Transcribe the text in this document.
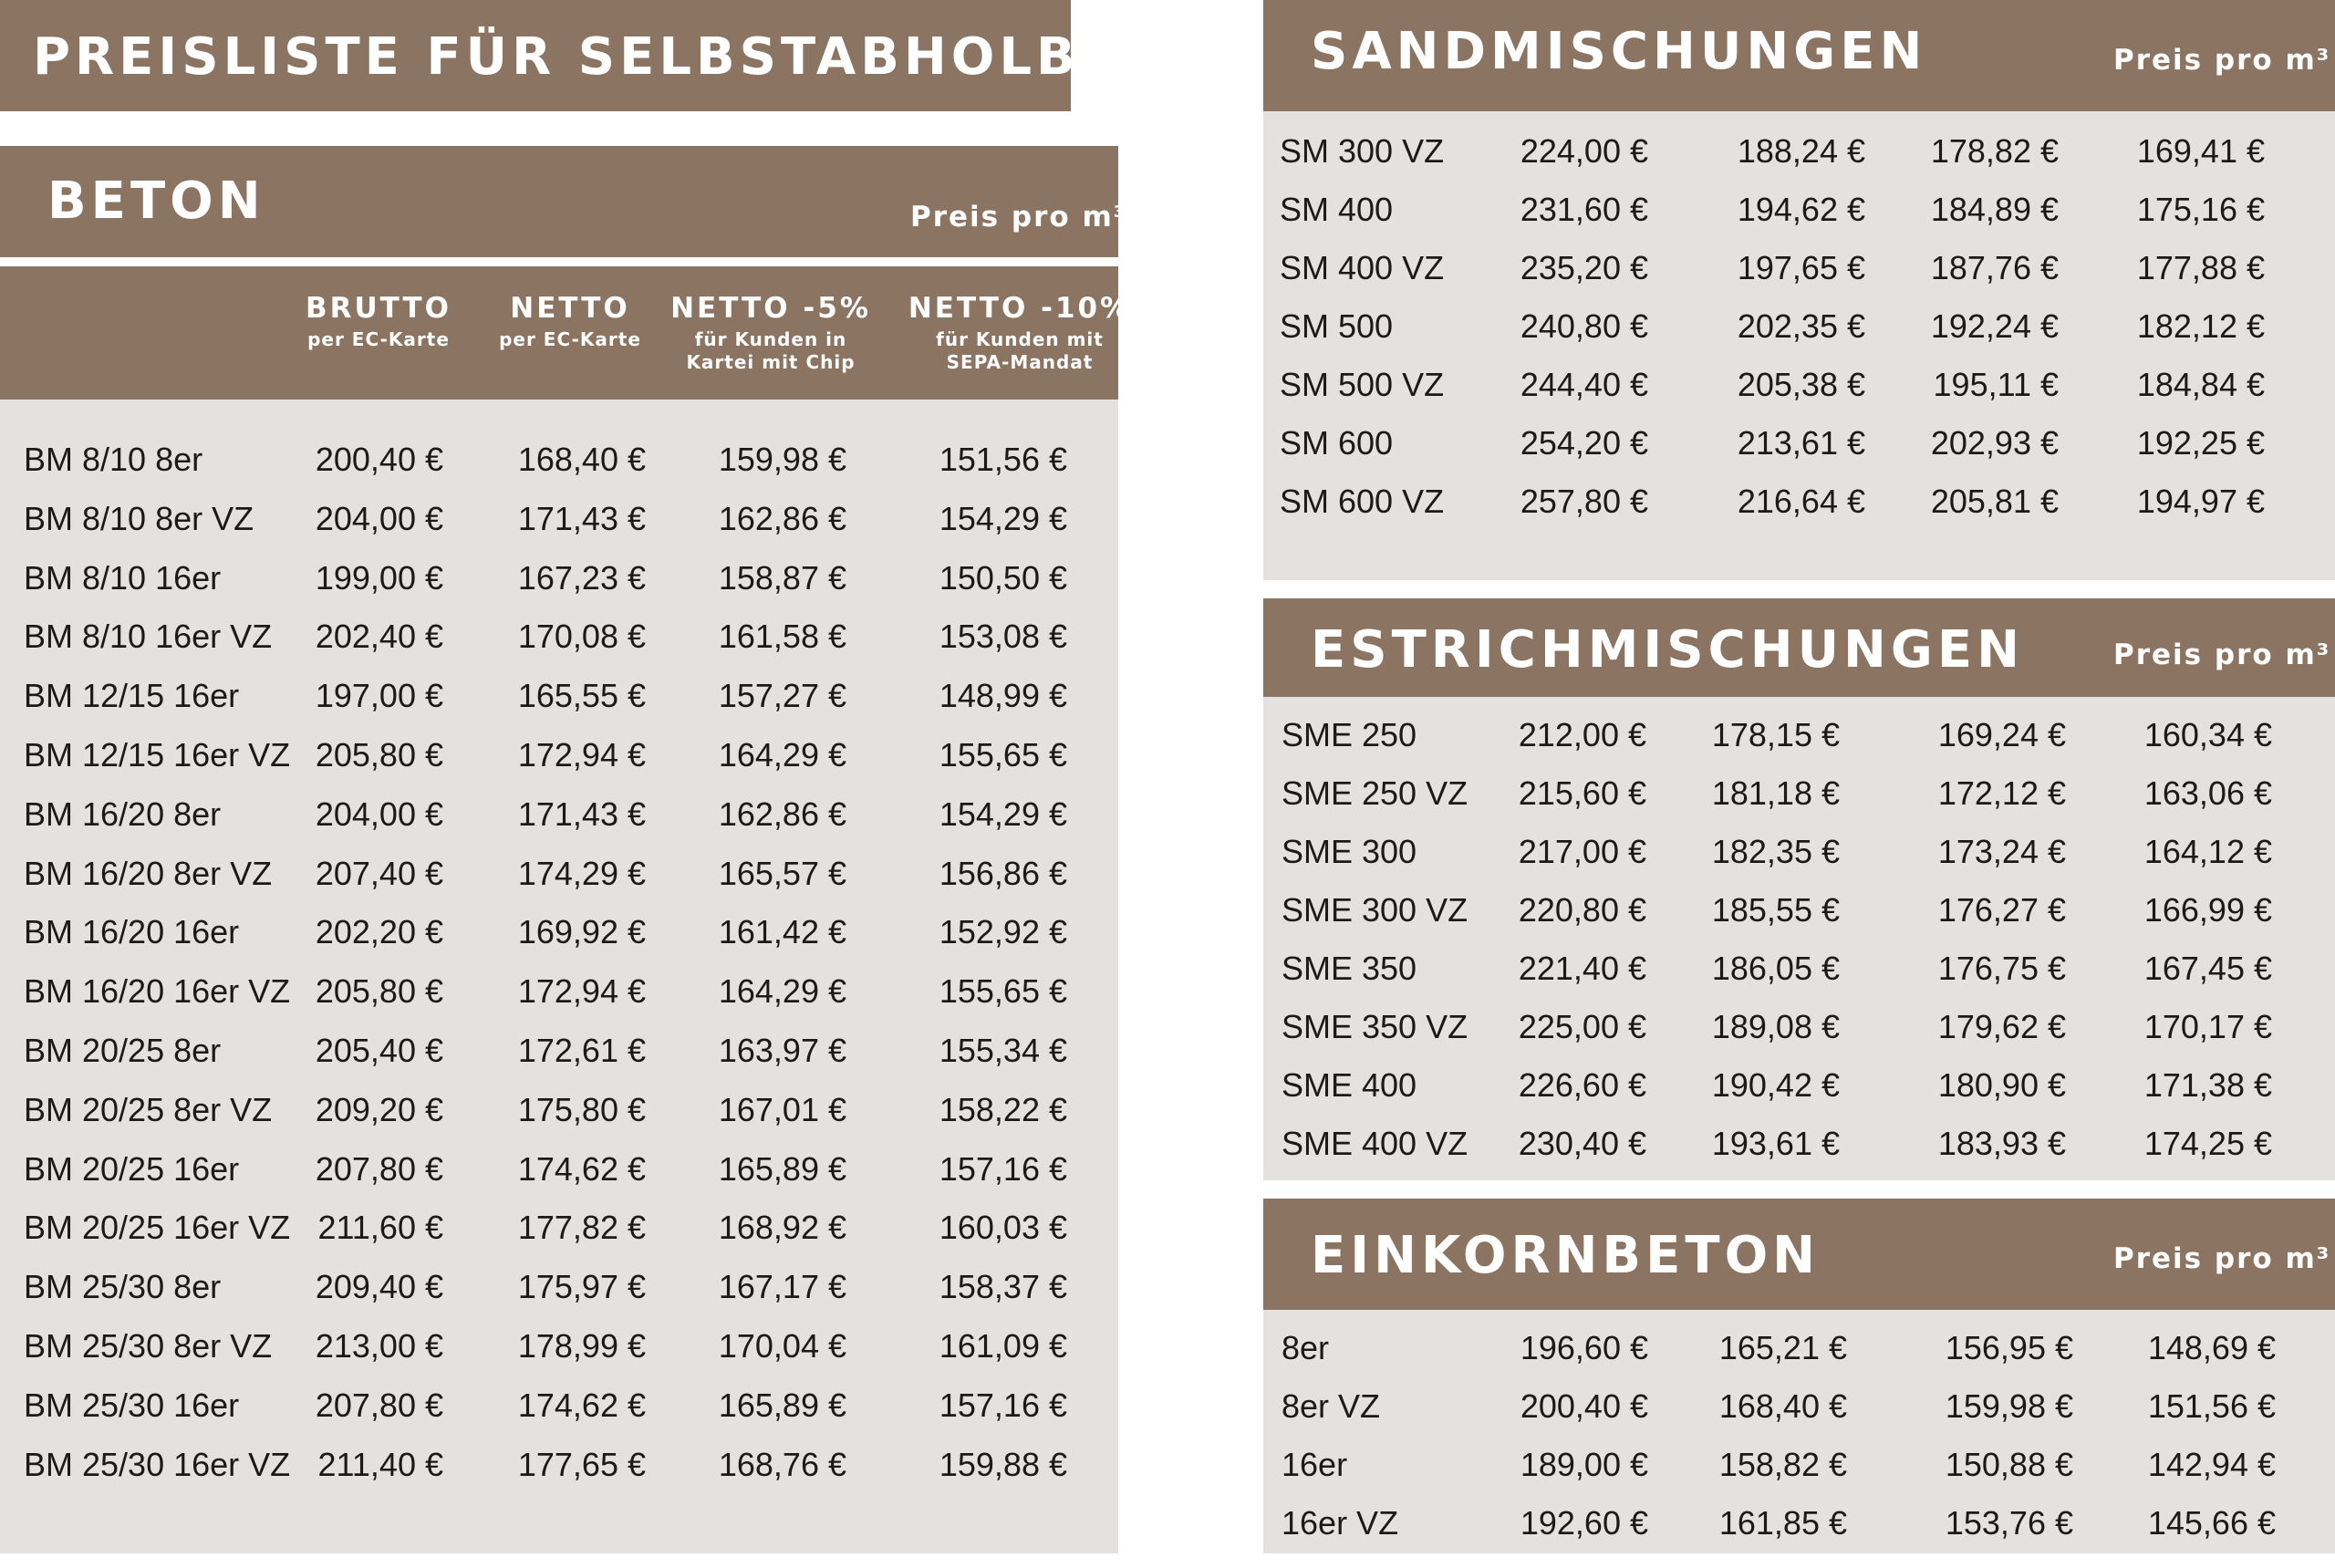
PREISLISTE FÜR SELBSTABHOLBER
BETON	Preis pro m³
BRUTTO
per EC-Karte
NETTO
per EC-Karte
NETTO -5%
für Kunden in
Kartei mit Chip
NETTO -10%
für Kunden mit
SEPA-Mandat
BM 8/10 8er	200,40 € 168,40 € 159,98 €	151,56 €
BM 8/10 8er VZ 204,00 € 171,43 € 162,86 €	154,29 €
BM 8/10 16er	199,00 € 167,23 € 158,87 €	150,50 €
BM 8/10 16er VZ 202,40 € 170,08 € 161,58 €	153,08 €
BM 12/15 16er 197,00 € 165,55 € 157,27 €	148,99 €
BM 12/15 16er VZ 205,80 € 172,94 € 164,29 €	155,65 €
BM 16/20 8er	204,00 € 171,43 € 162,86 €	154,29 €
BM 16/20 8er VZ 207,40 € 174,29 € 165,57 €	156,86 €
BM 16/20 16er 202,20 € 169,92 € 161,42 €	152,92 €
BM 16/20 16er VZ 205,80 € 172,94 € 164,29 €	155,65 €
BM 20/25 8er	205,40 € 172,61 € 163,97 €	155,34 €
BM 20/25 8er VZ 209,20 € 175,80 € 167,01 €	158,22 €
BM 20/25 16er 207,80 € 174,62 € 165,89 €	157,16 €
BM 20/25 16er VZ 211,60 € 177,82 € 168,92 €	160,03 €
BM 25/30 8er	209,40 € 175,97 € 167,17 €	158,37 €
BM 25/30 8er VZ 213,00 € 178,99 € 170,04 €	161,09 €
BM 25/30 16er 207,80 € 174,62 € 165,89 €	157,16 €
BM 25/30 16er VZ 211,40 € 177,65 € 168,76 €	159,88 €
SANDMISCHUNGEN	Preis pro m³
SM 300 VZ 224,00 €	188,24 € 178,82 € 169,41 €
SM 400	231,60 €	194,62 € 184,89 € 175,16 €
SM 400 VZ 235,20 €	197,65 € 187,76 € 177,88 €
SM 500	240,80 €	202,35 € 192,24 € 182,12 €
SM 500 VZ 244,40 €	205,38 € 195,11 € 184,84 €
SM 600	254,20 €	213,61 € 202,93 € 192,25 €
SM 600 VZ 257,80 €	216,64 € 205,81 € 194,97 €
ESTRICHMISCHUNGEN	Preis pro m³
SME 250	212,00 € 178,15 €	169,24 € 160,34 €
SME 250 VZ 215,60 € 181,18 €	172,12 € 163,06 €
SME 300	217,00 € 182,35 €	173,24 € 164,12 €
SME 300 VZ 220,80 € 185,55 €	176,27 € 166,99 €
SME 350	221,40 € 186,05 €	176,75 € 167,45 €
SME 350 VZ 225,00 € 189,08 €	179,62 € 170,17 €
SME 400	226,60 € 190,42 €	180,90 € 171,38 €
SME 400 VZ 230,40 € 193,61 €	183,93 € 174,25 €
EINKORNBETON	Preis pro m³
8er	196,60 € 165,21 €	156,95 € 148,69 €
8er VZ	200,40 € 168,40 €	159,98 € 151,56 €
16er	189,00 € 158,82 €	150,88 € 142,94 €
16er VZ	192,60 € 161,85 €	153,76 € 145,66 €
